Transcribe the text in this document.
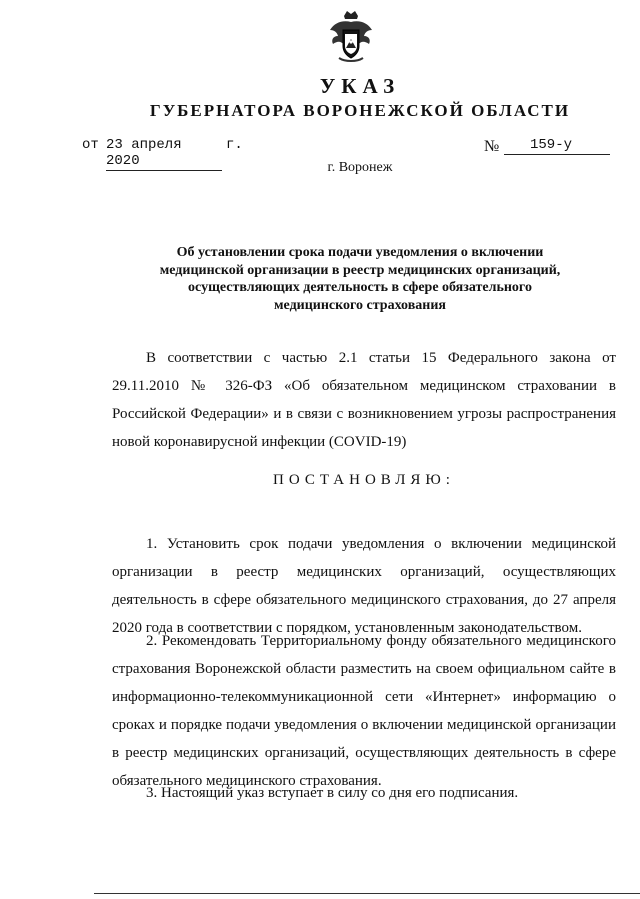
УКАЗ
ГУБЕРНАТОРА ВОРОНЕЖСКОЙ ОБЛАСТИ
от 23 апреля 2020
г.	№	159-у
г. Воронеж
Об установлении срока подачи уведомления о включении
медицинской организации в реестр медицинских организаций,
осуществляющих деятельность в сфере обязательного
медицинского страхования
В соответствии с частью 2.1 статьи 15 Федерального закона от 29.11.2010 № 326-ФЗ «Об обязательном медицинском страховании в Российской Федерации» и в связи с возникновением угрозы распространения новой коронавирусной инфекции (COVID-19)
ПОСТАНОВЛЯЮ:
1. Установить срок подачи уведомления о включении медицинской организации в реестр медицинских организаций, осуществляющих деятельность в сфере обязательного медицинского страхования, до 27 апреля 2020 года в соответствии с порядком, установленным законодательством.
2. Рекомендовать Территориальному фонду обязательного медицинского страхования Воронежской области разместить на своем официальном сайте в информационно-телекоммуникационной сети «Интернет» информацию о сроках и порядке подачи уведомления о включении медицинской организации в реестр медицинских организаций, осуществляющих деятельность в сфере обязательного медицинского страхования.
3. Настоящий указ вступает в силу со дня его подписания.
